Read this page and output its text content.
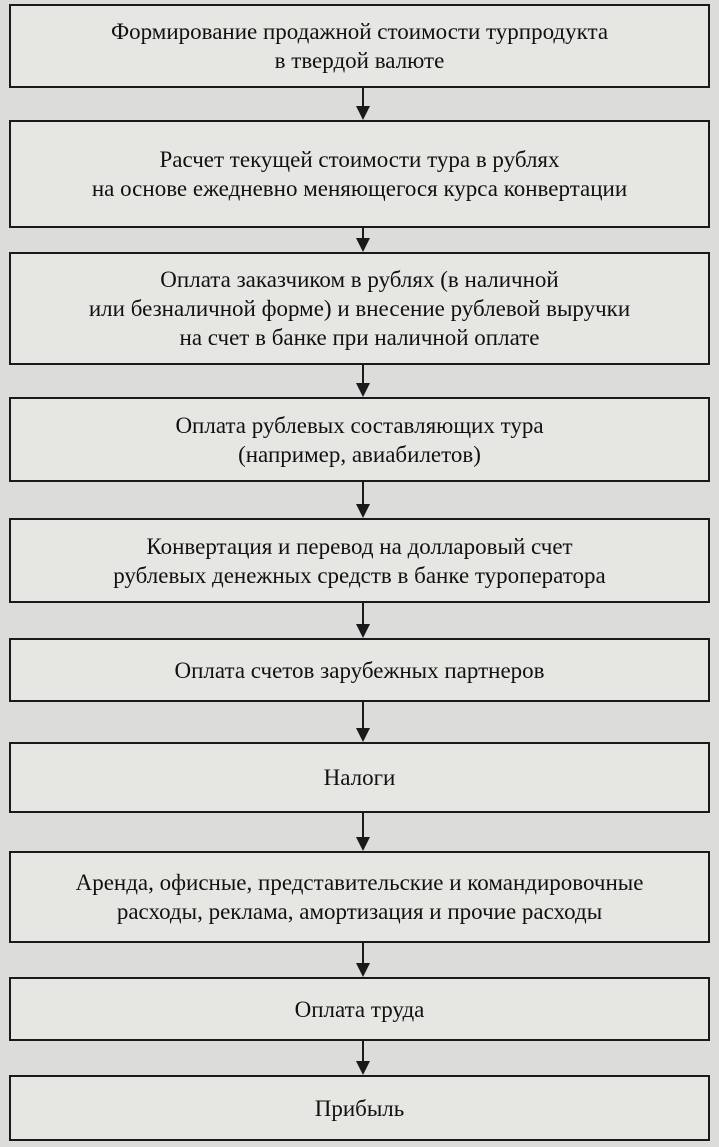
Формирование продажной стоимости турпродукта
в твердой валюте
Расчет текущей стоимости тура в рублях
на основе ежедневно меняющегося курса конвертации
Оплата заказчиком в рублях (в наличной
или безналичной форме) и внесение рублевой выручки
на счет в банке при наличной оплате
Оплата рублевых составляющих тура
(например, авиабилетов)
Конвертация и перевод на долларовый счет
рублевых денежных средств в банке туроператора
Оплата счетов зарубежных партнеров
Налоги
Аренда, офисные, представительские и командировочные
расходы, реклама, амортизация и прочие расходы
Оплата труда
Прибыль
